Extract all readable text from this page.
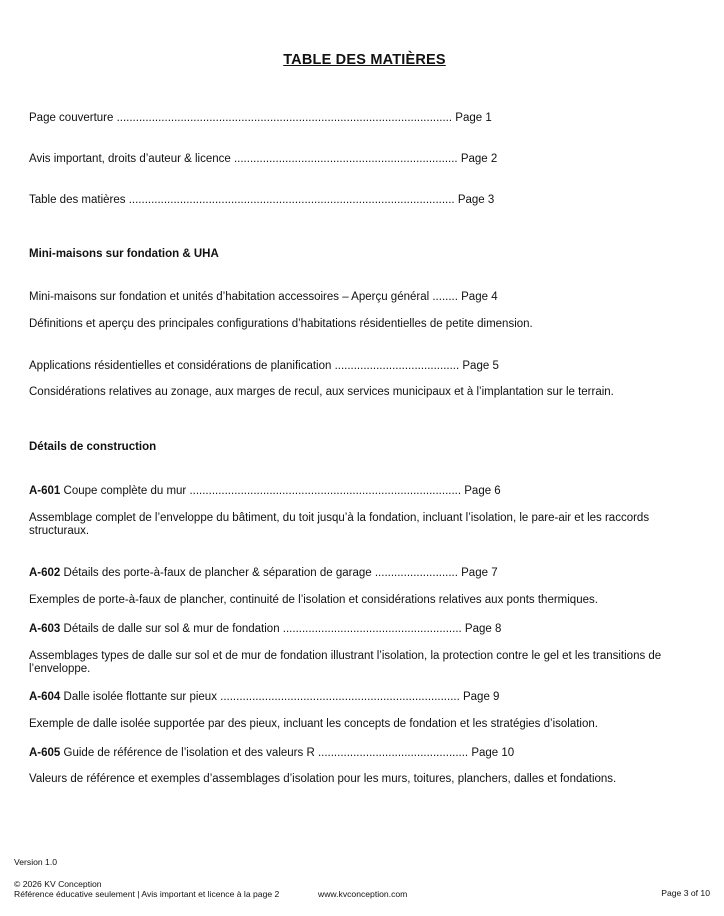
TABLE DES MATIÈRES
Page couverture ......................................................................................................... Page 1
Avis important, droits d’auteur & licence ...................................................................... Page 2
Table des matières ...................................................................................................... Page 3
Mini-maisons sur fondation & UHA
Mini-maisons sur fondation et unités d’habitation accessoires – Aperçu général ........ Page 4
Définitions et aperçu des principales configurations d’habitations résidentielles de petite dimension.
Applications résidentielles et considérations de planification ....................................... Page 5
Considérations relatives au zonage, aux marges de recul, aux services municipaux et à l’implantation sur le terrain.
Détails de construction
A-601 Coupe complète du mur ..................................................................................... Page 6
Assemblage complet de l’enveloppe du bâtiment, du toit jusqu’à la fondation, incluant l’isolation, le pare-air et les raccords structuraux.
A-602 Détails des porte-à-faux de plancher & séparation de garage .......................... Page 7
Exemples de porte-à-faux de plancher, continuité de l’isolation et considérations relatives aux ponts thermiques.
A-603 Détails de dalle sur sol & mur de fondation ........................................................ Page 8
Assemblages types de dalle sur sol et de mur de fondation illustrant l’isolation, la protection contre le gel et les transitions de l’enveloppe.
A-604 Dalle isolée flottante sur pieux ........................................................................... Page 9
Exemple de dalle isolée supportée par des pieux, incluant les concepts de fondation et les stratégies d’isolation.
A-605 Guide de référence de l’isolation et des valeurs R ............................................... Page 10
Valeurs de référence et exemples d’assemblages d’isolation pour les murs, toitures, planchers, dalles et fondations.
Version 1.0
© 2026 KV Conception
Référence éducative seulement | Avis important et licence à la page 2	www.kvconception.com	Page 3 of 10
